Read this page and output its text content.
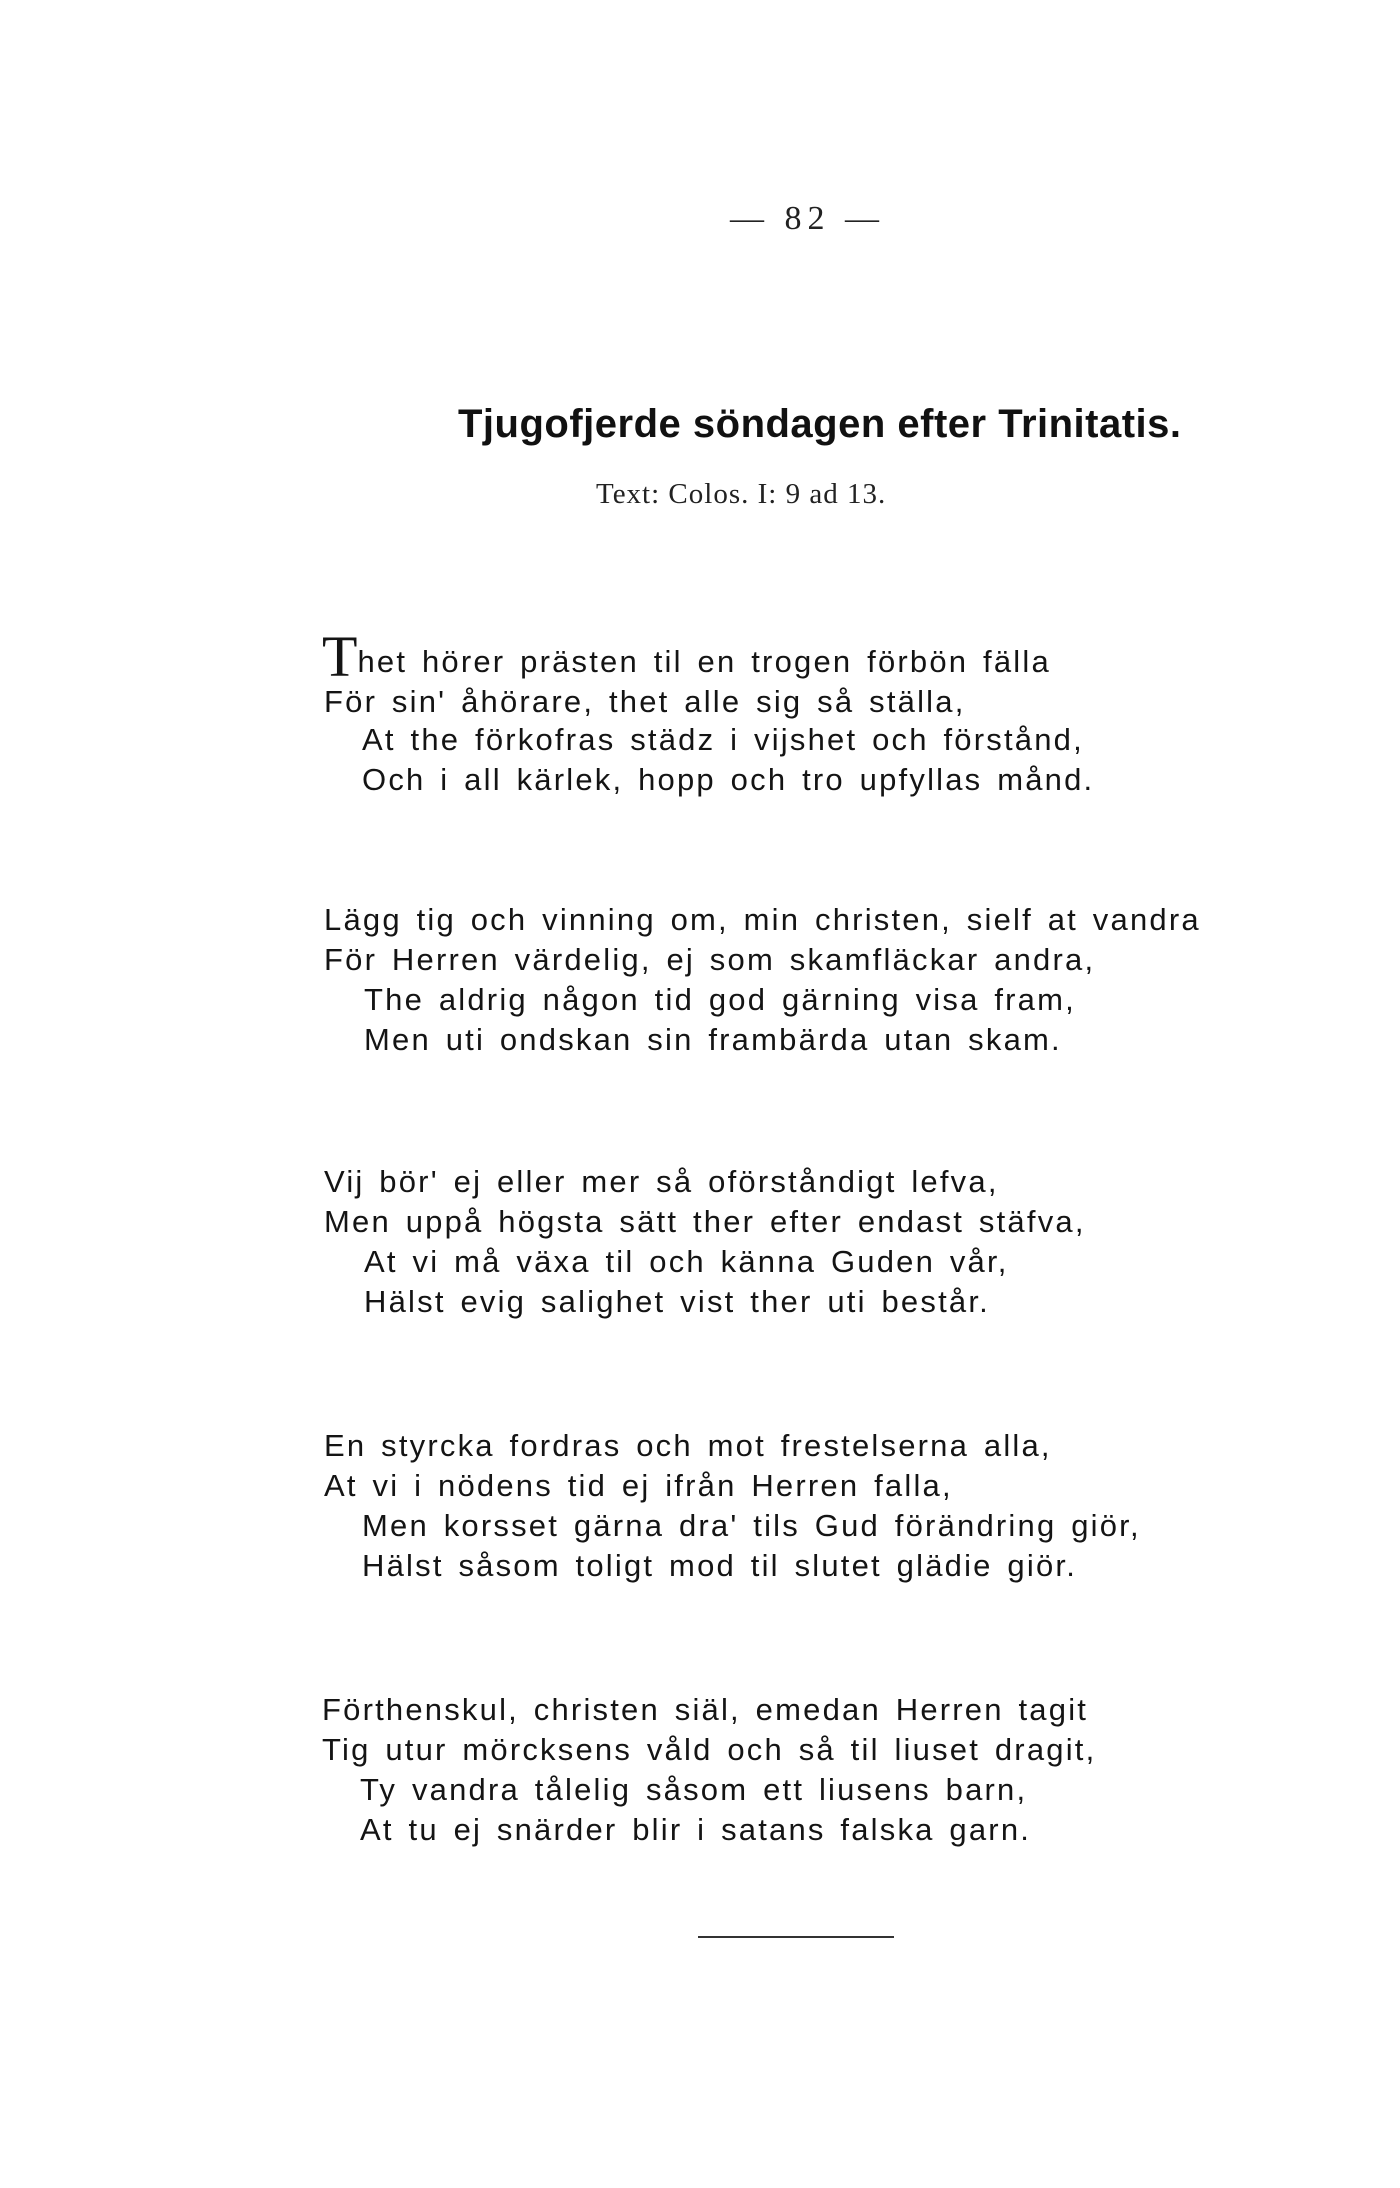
— 82 —
Tjugofjerde söndagen efter Trinitatis.
Text: Colos. I: 9 ad 13.
Thet hörer prästen til en trogen förbön fälla
För sin' åhörare, thet alle sig så ställa,
At the förkofras städz i vijshet och förstånd,
Och i all kärlek, hopp och tro upfyllas månd.
Lägg tig och vinning om, min christen, sielf at vandra
För Herren värdelig, ej som skamfläckar andra,
The aldrig någon tid god gärning visa fram,
Men uti ondskan sin frambärda utan skam.
Vij bör' ej eller mer så oförståndigt lefva,
Men uppå högsta sätt ther efter endast stäfva,
At vi må växa til och känna Guden vår,
Hälst evig salighet vist ther uti består.
En styrcka fordras och mot frestelserna alla,
At vi i nödens tid ej ifrån Herren falla,
Men korsset gärna dra' tils Gud förändring giör,
Hälst såsom toligt mod til slutet glädie giör.
Förthenskul, christen siäl, emedan Herren tagit
Tig utur mörcksens våld och så til liuset dragit,
Ty vandra tålelig såsom ett liusens barn,
At tu ej snärder blir i satans falska garn.
